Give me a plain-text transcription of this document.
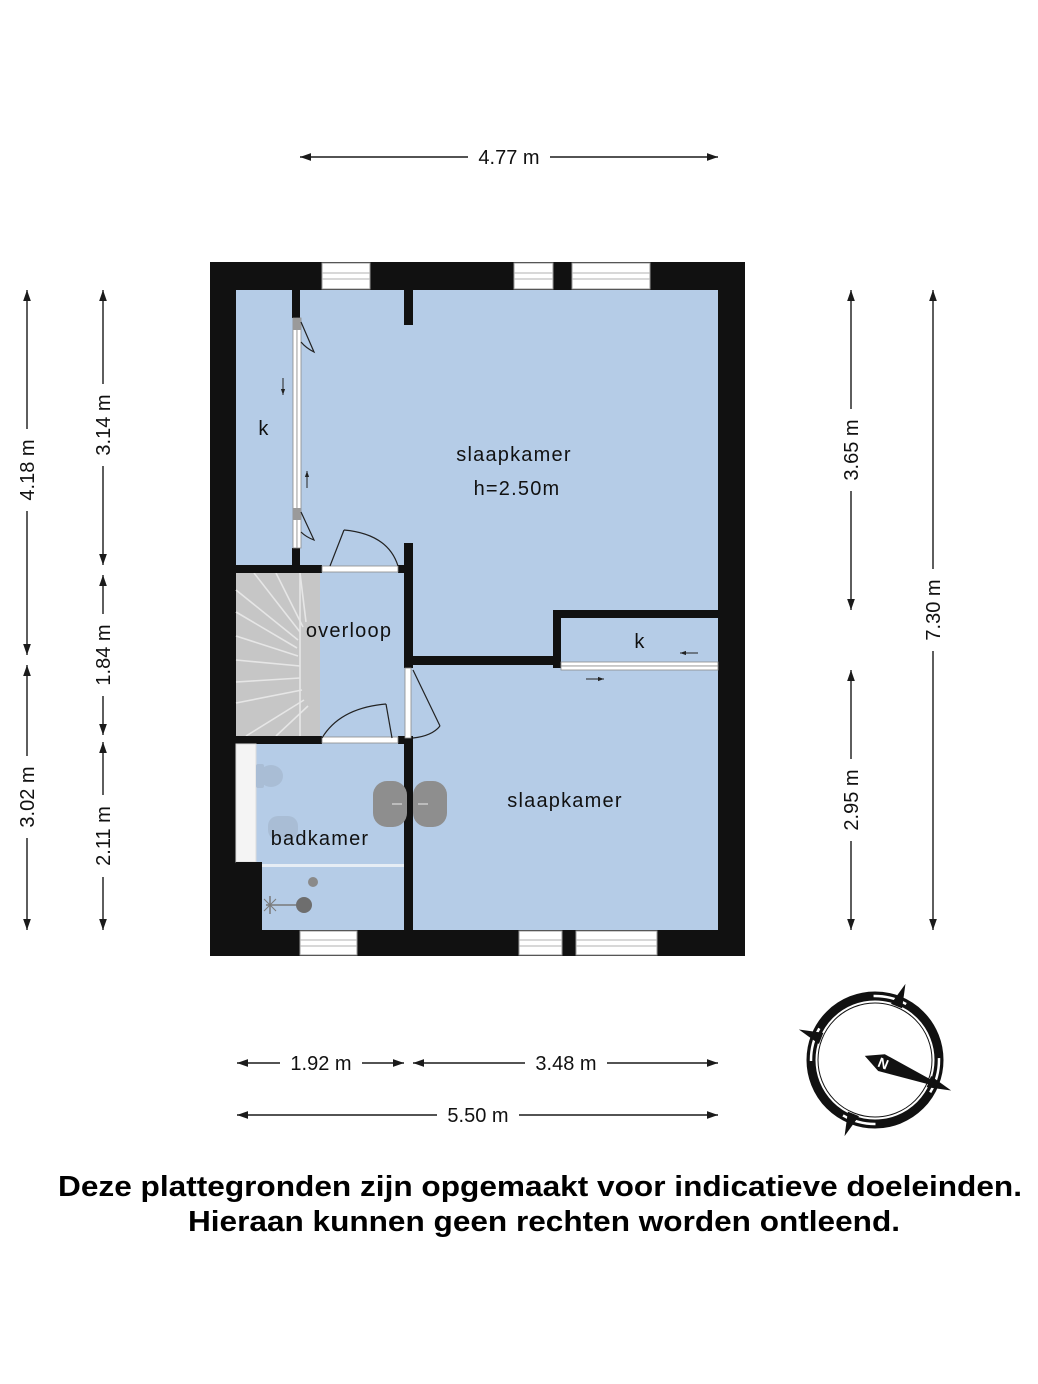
4.77 m
4.18 m
3.02 m
3.14 m
1.84 m
2.11 m
3.65 m
2.95 m
7.30 m
1.92 m	3.48 m
5.50 m
k
slaapkamer
h=2.50m
overloop	k
slaapkamer
badkamer
N
Deze plattegronden zijn opgemaakt voor indicatieve doeleinden.
Hieraan kunnen geen rechten worden ontleend.
